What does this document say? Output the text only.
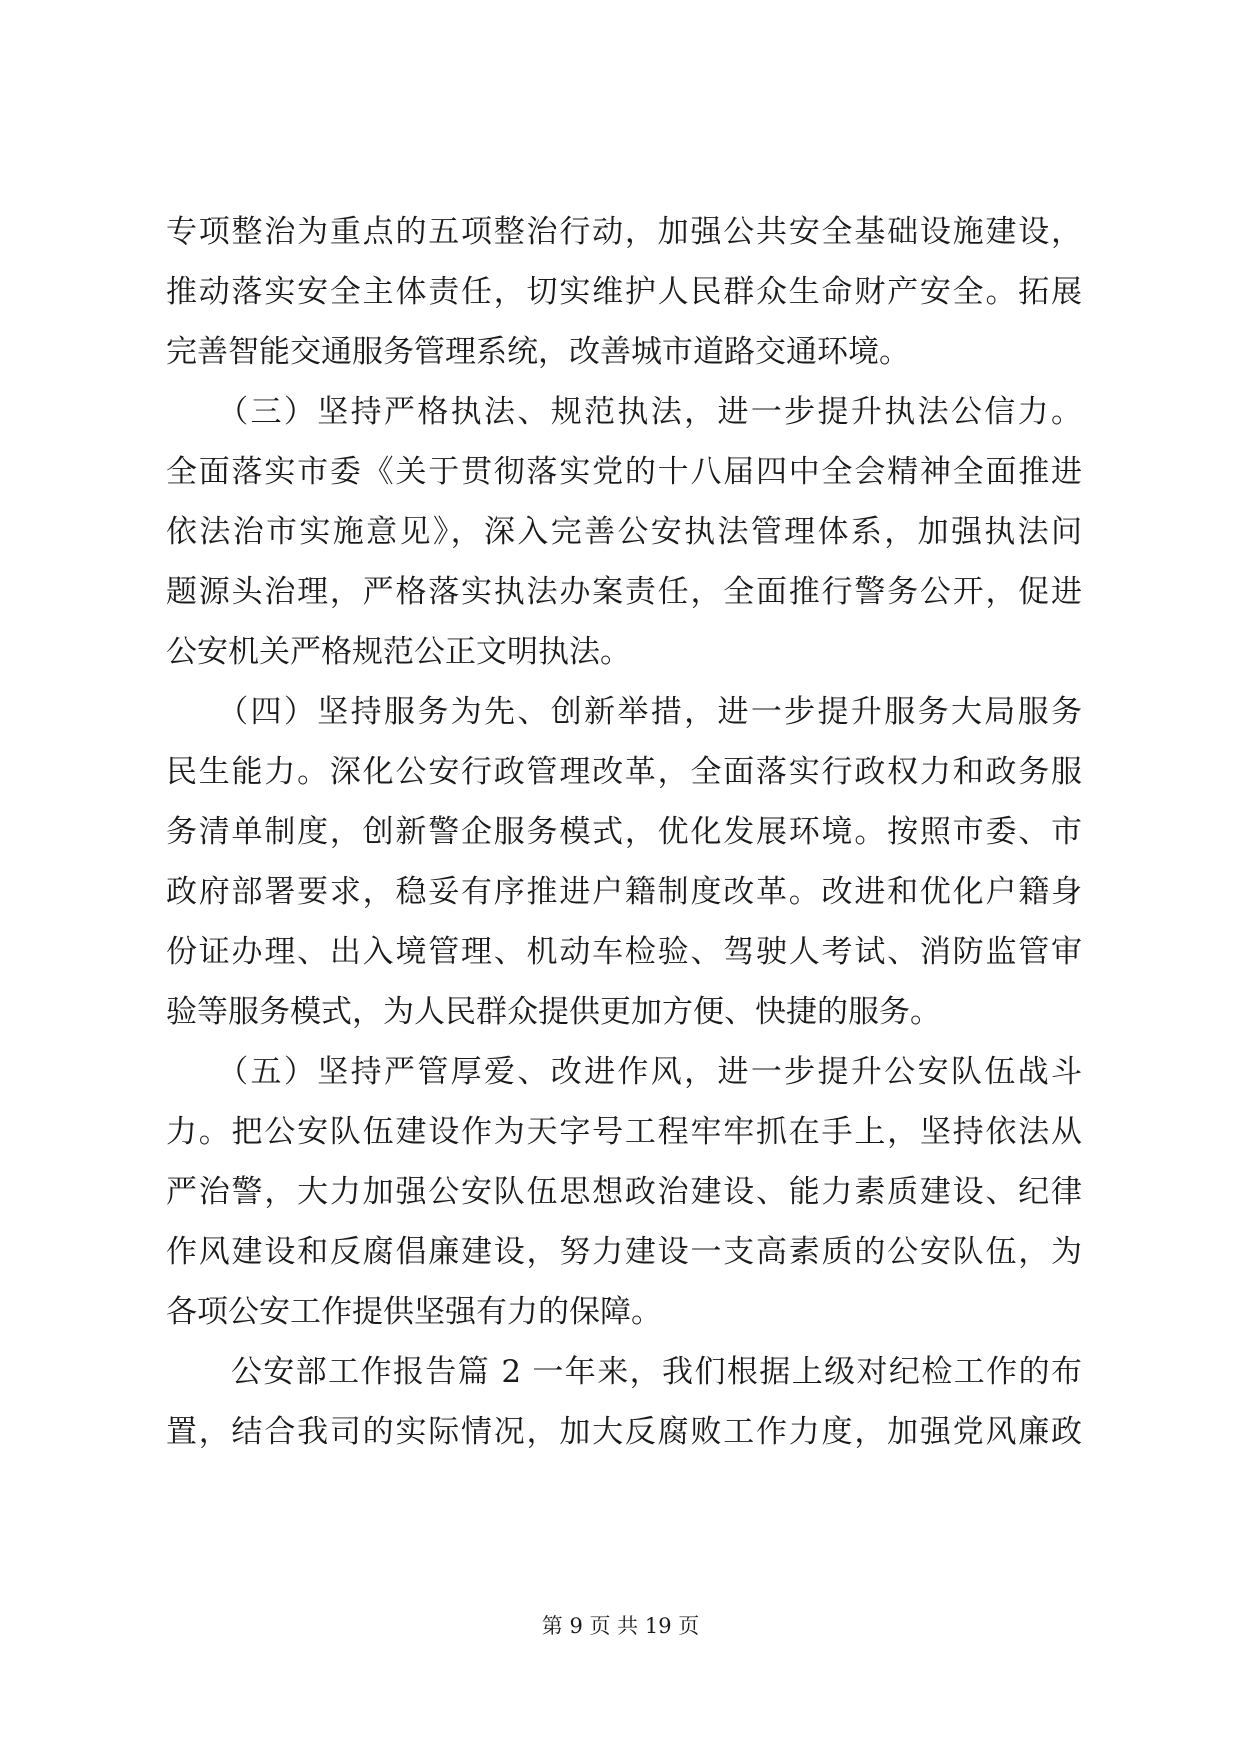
专项整治为重点的五项整治行动，加强公共安全基础设施建设，
推动落实安全主体责任，切实维护人民群众生命财产安全。拓展
完善智能交通服务管理系统，改善城市道路交通环境。
　　（三）坚持严格执法、规范执法，进一步提升执法公信力。
全面落实市委《关于贯彻落实党的十八届四中全会精神全面推进
依法治市实施意见》，深入完善公安执法管理体系，加强执法问
题源头治理，严格落实执法办案责任，全面推行警务公开，促进
公安机关严格规范公正文明执法。
　　（四）坚持服务为先、创新举措，进一步提升服务大局服务
民生能力。深化公安行政管理改革，全面落实行政权力和政务服
务清单制度，创新警企服务模式，优化发展环境。按照市委、市
政府部署要求，稳妥有序推进户籍制度改革。改进和优化户籍身
份证办理、出入境管理、机动车检验、驾驶人考试、消防监管审
验等服务模式，为人民群众提供更加方便、快捷的服务。
　　（五）坚持严管厚爱、改进作风，进一步提升公安队伍战斗
力。把公安队伍建设作为天字号工程牢牢抓在手上，坚持依法从
严治警，大力加强公安队伍思想政治建设、能力素质建设、纪律
作风建设和反腐倡廉建设，努力建设一支高素质的公安队伍，为
各项公安工作提供坚强有力的保障。
　　公安部工作报告篇 2 一年来，我们根据上级对纪检工作的布
置，结合我司的实际情况，加大反腐败工作力度，加强党风廉政
第 9 页 共 19 页
